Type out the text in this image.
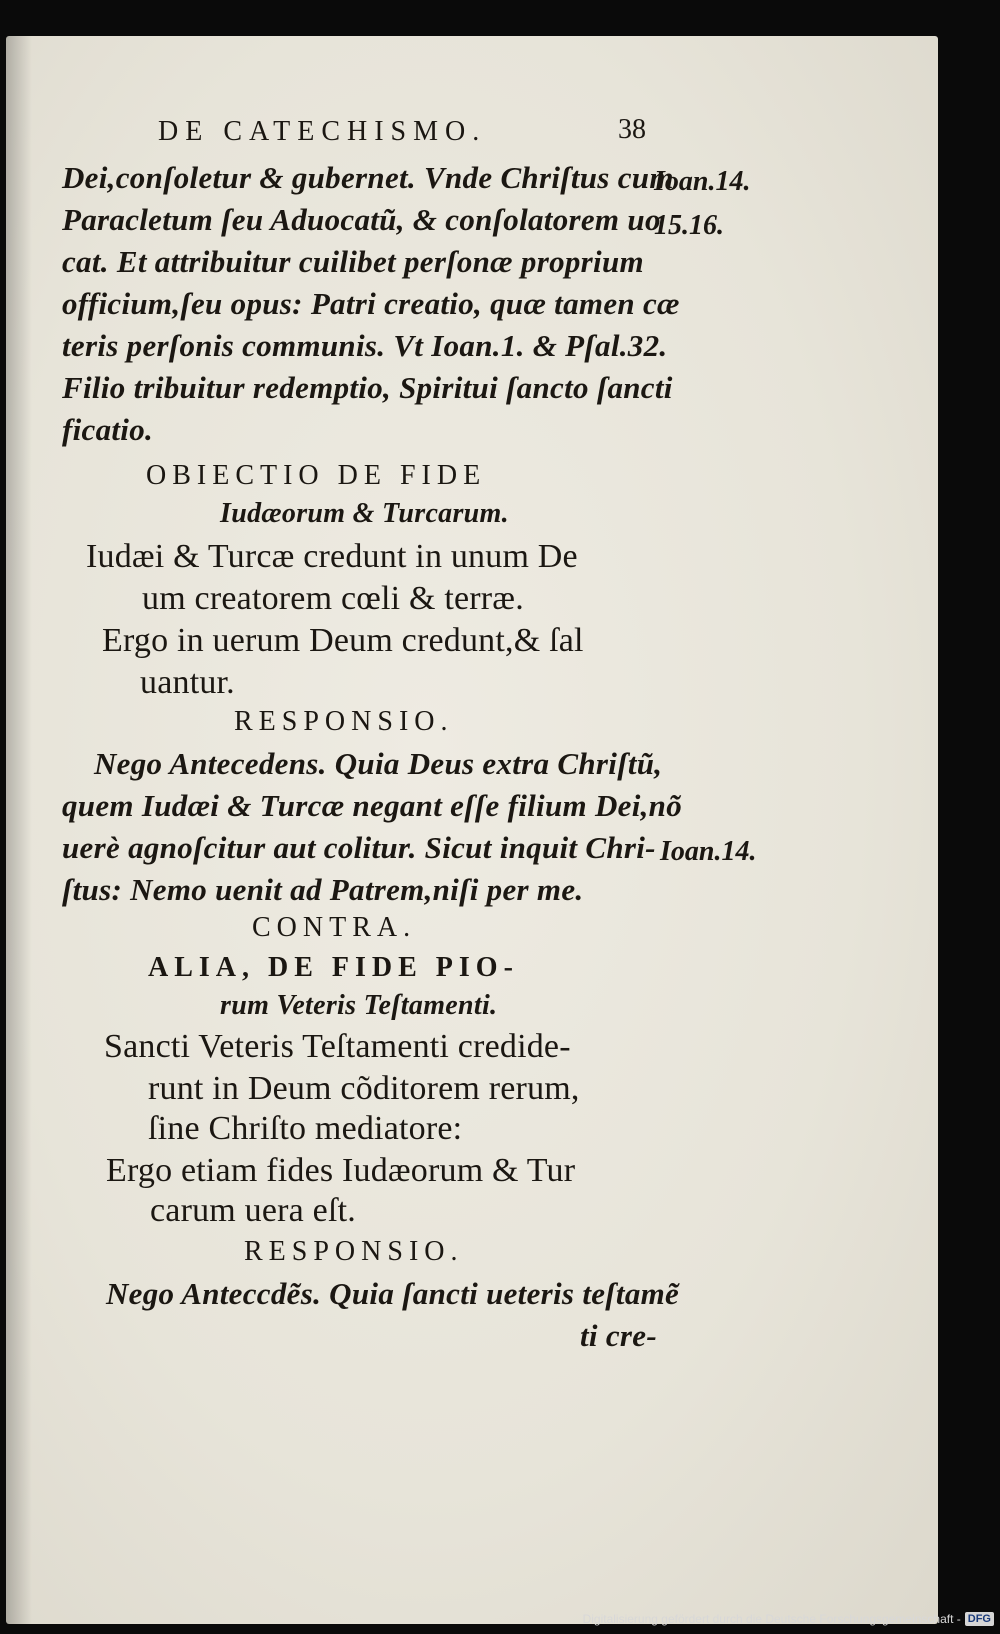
DE CATECHISMO.	38

Dei,conſoletur & gubernet. Vnde Chriſtus cum

Paracletum ſeu Aduocatũ, & conſolatorem uo

cat. Et attribuitur cuilibet perſonæ proprium

officium,ſeu opus: Patri creatio, quæ tamen cæ

teris perſonis communis. Vt Ioan.1. & Pſal.32.

Filio tribuitur redemptio, Spiritui ſancto ſancti

ficatio.

OBIECTIO DE FIDE

Iudæorum & Turcarum.

Iudæi & Turcæ credunt in unum De

um creatorem cœli & terræ.

Ergo in uerum Deum credunt,& ſal

uantur.

RESPONSIO.

Nego Antecedens. Quia Deus extra Chriſtũ,

quem Iudæi & Turcæ negant eſſe filium Dei,nõ

uerè agnoſcitur aut colitur. Sicut inquit Chri-

ſtus: Nemo uenit ad Patrem,niſi per me.

CONTRA.

ALIA, DE FIDE PIO-

rum Veteris Teſtamenti.

Sancti Veteris Teſtamenti credide-

runt in Deum cõditorem rerum,

ſine Chriſto mediatore:

Ergo etiam fides Iudæorum & Tur

carum uera eſt.

RESPONSIO.

Nego Anteccdẽs. Quia ſancti ueteris teſtamẽ

ti cre-

Ioan.14.

15.16.

Ioan.14.

Digitalisierung gefördert durch die Deutsche Forschungsgemeinschaft - DFG
